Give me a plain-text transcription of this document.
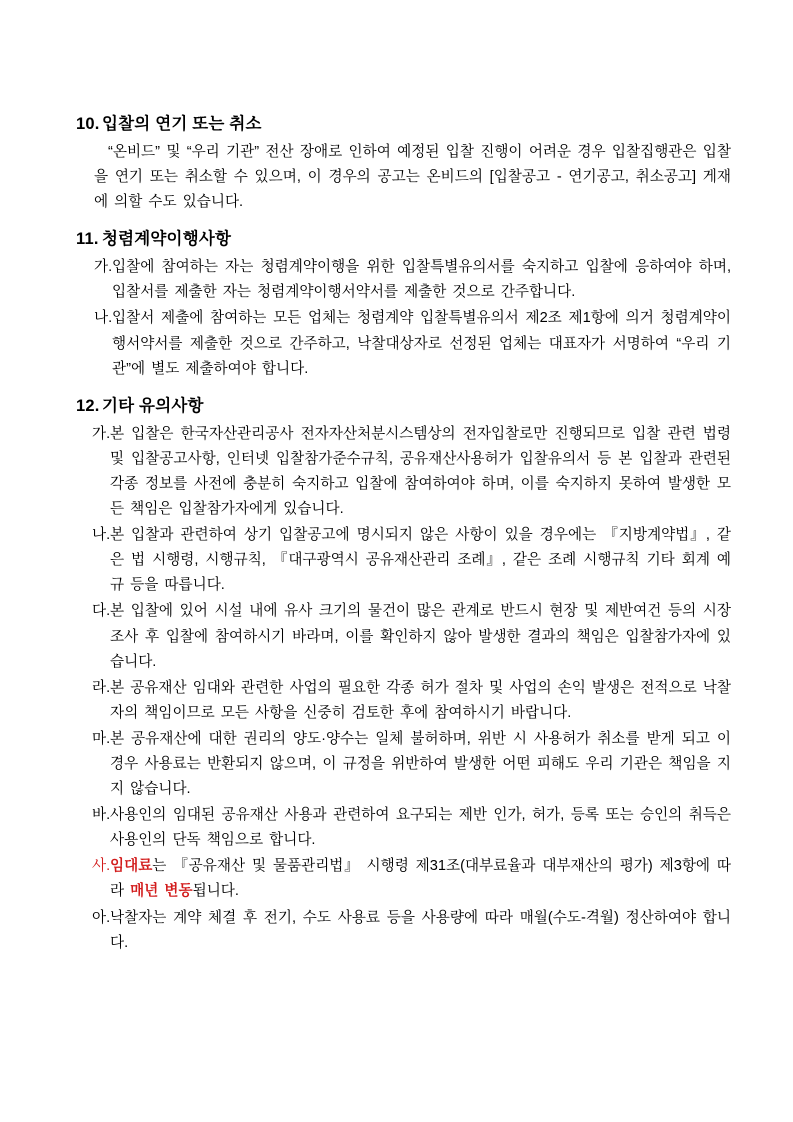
10. 입찰의 연기 또는 취소

“온비드” 및 “우리 기관” 전산 장애로 인하여 예정된 입찰 진행이 어려운 경우 입찰집행관은 입찰을 연기 또는 취소할 수 있으며, 이 경우의 공고는 온비드의 [입찰공고 - 연기공고, 취소공고] 게재에 의할 수도 있습니다.

11. 청렴계약이행사항
가. 입찰에 참여하는 자는 청렴계약이행을 위한 입찰특별유의서를 숙지하고 입찰에 응하여야 하며, 입찰서를 제출한 자는 청렴계약이행서약서를 제출한 것으로 간주합니다.
나. 입찰서 제출에 참여하는 모든 업체는 청렴계약 입찰특별유의서 제2조 제1항에 의거 청렴계약이행서약서를 제출한 것으로 간주하고, 낙찰대상자로 선정된 업체는 대표자가 서명하여 “우리 기관”에 별도 제출하여야 합니다.
12. 기타 유의사항
가. 본 입찰은 한국자산관리공사 전자자산처분시스템상의 전자입찰로만 진행되므로 입찰 관련 법령 및 입찰공고사항, 인터넷 입찰참가준수규칙, 공유재산사용허가 입찰유의서 등 본 입찰과 관련된 각종 정보를 사전에 충분히 숙지하고 입찰에 참여하여야 하며, 이를 숙지하지 못하여 발생한 모든 책임은 입찰참가자에게 있습니다.
나. 본 입찰과 관련하여 상기 입찰공고에 명시되지 않은 사항이 있을 경우에는 『지방계약법』, 같은 법 시행령, 시행규칙, 『대구광역시 공유재산관리 조례』, 같은 조례 시행규칙 기타 회계 예규 등을 따릅니다.
다. 본 입찰에 있어 시설 내에 유사 크기의 물건이 많은 관계로 반드시 현장 및 제반여건 등의 시장조사 후 입찰에 참여하시기 바라며, 이를 확인하지 않아 발생한 결과의 책임은 입찰참가자에 있습니다.
라. 본 공유재산 임대와 관련한 사업의 필요한 각종 허가 절차 및 사업의 손익 발생은 전적으로 낙찰자의 책임이므로 모든 사항을 신중히 검토한 후에 참여하시기 바랍니다.
마. 본 공유재산에 대한 권리의 양도·양수는 일체 불허하며, 위반 시 사용허가 취소를 받게 되고 이 경우 사용료는 반환되지 않으며, 이 규정을 위반하여 발생한 어떤 피해도 우리 기관은 책임을 지지 않습니다.
바. 사용인의 임대된 공유재산 사용과 관련하여 요구되는 제반 인가, 허가, 등록 또는 승인의 취득은 사용인의 단독 책임으로 합니다.
사. 임대료는 『공유재산 및 물품관리법』 시행령 제31조(대부료율과 대부재산의 평가) 제3항에 따라 매년 변동됩니다.
아. 낙찰자는 계약 체결 후 전기, 수도 사용료 등을 사용량에 따라 매월(수도-격월) 정산하여야 합니다.
